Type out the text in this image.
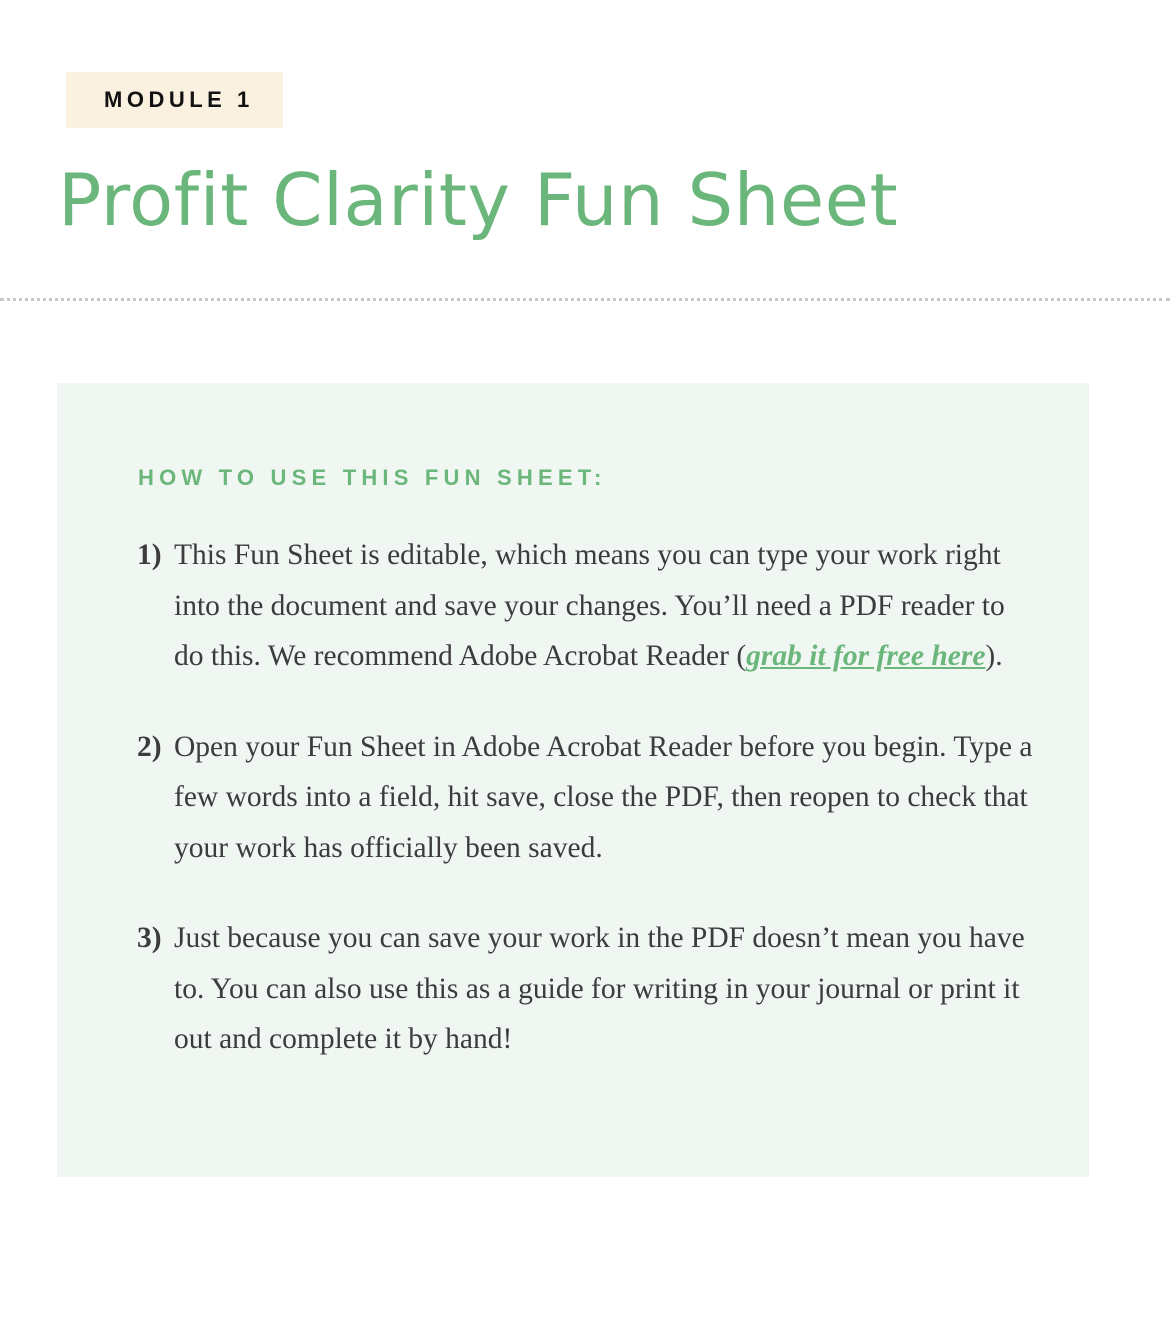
MODULE 1
Profit Clarity Fun Sheet
HOW TO USE THIS FUN SHEET:
1) This Fun Sheet is editable, which means you can type your work right into the document and save your changes. You’ll need a PDF reader to do this. We recommend Adobe Acrobat Reader (grab it for free here).
2) Open your Fun Sheet in Adobe Acrobat Reader before you begin. Type a few words into a field, hit save, close the PDF, then reopen to check that your work has officially been saved.
3) Just because you can save your work in the PDF doesn’t mean you have to. You can also use this as a guide for writing in your journal or print it out and complete it by hand!
